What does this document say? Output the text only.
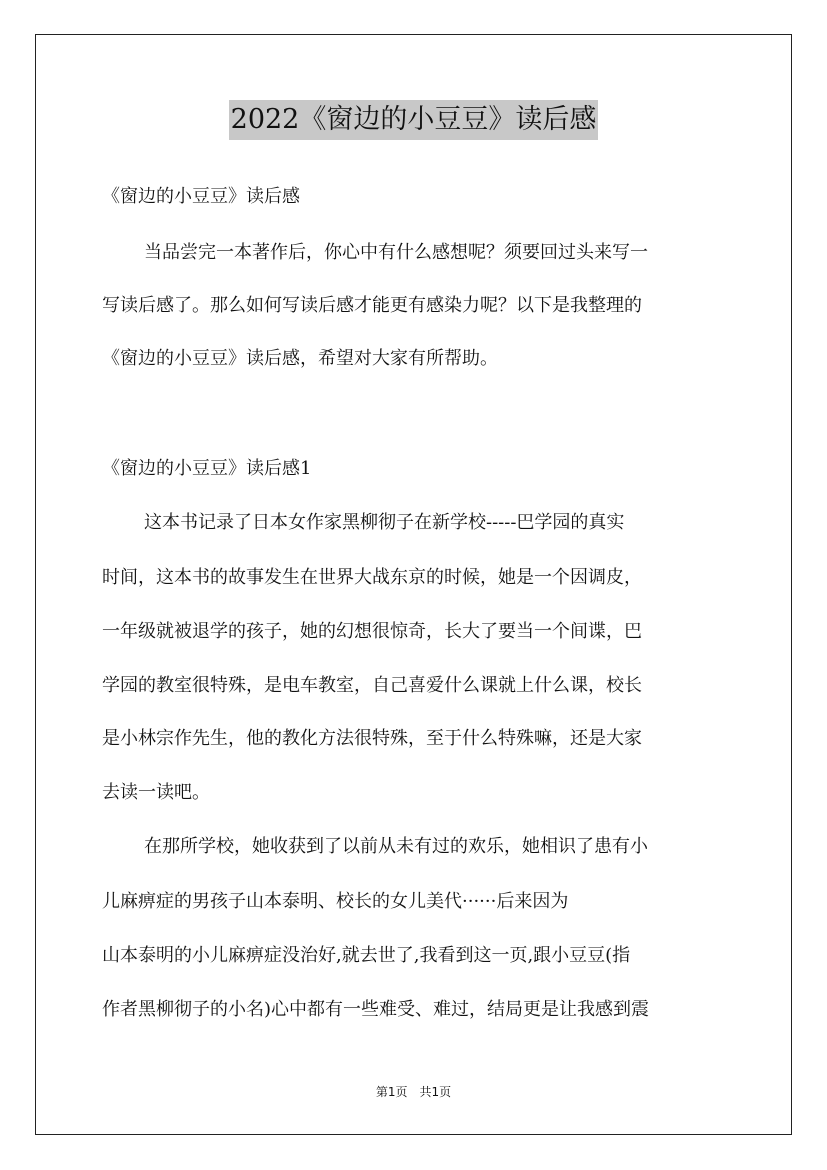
2022《窗边的小豆豆》读后感
《窗边的小豆豆》读后感
当品尝完一本著作后，你心中有什么感想呢？须要回过头来写一
写读后感了。那么如何写读后感才能更有感染力呢？以下是我整理的
《窗边的小豆豆》读后感，希望对大家有所帮助。
《窗边的小豆豆》读后感1
这本书记录了日本女作家黑柳彻子在新学校-----巴学园的真实
时间，这本书的故事发生在世界大战东京的时候，她是一个因调皮，
一年级就被退学的孩子，她的幻想很惊奇，长大了要当一个间谍，巴
学园的教室很特殊，是电车教室，自己喜爱什么课就上什么课，校长
是小林宗作先生，他的教化方法很特殊，至于什么特殊嘛，还是大家
去读一读吧。
在那所学校，她收获到了以前从未有过的欢乐，她相识了患有小
儿麻痹症的男孩子山本泰明、校长的女儿美代······后来因为
山本泰明的小儿麻痹症没治好,就去世了,我看到这一页,跟小豆豆(指
作者黑柳彻子的小名)心中都有一些难受、难过，结局更是让我感到震
第1页　共1页
